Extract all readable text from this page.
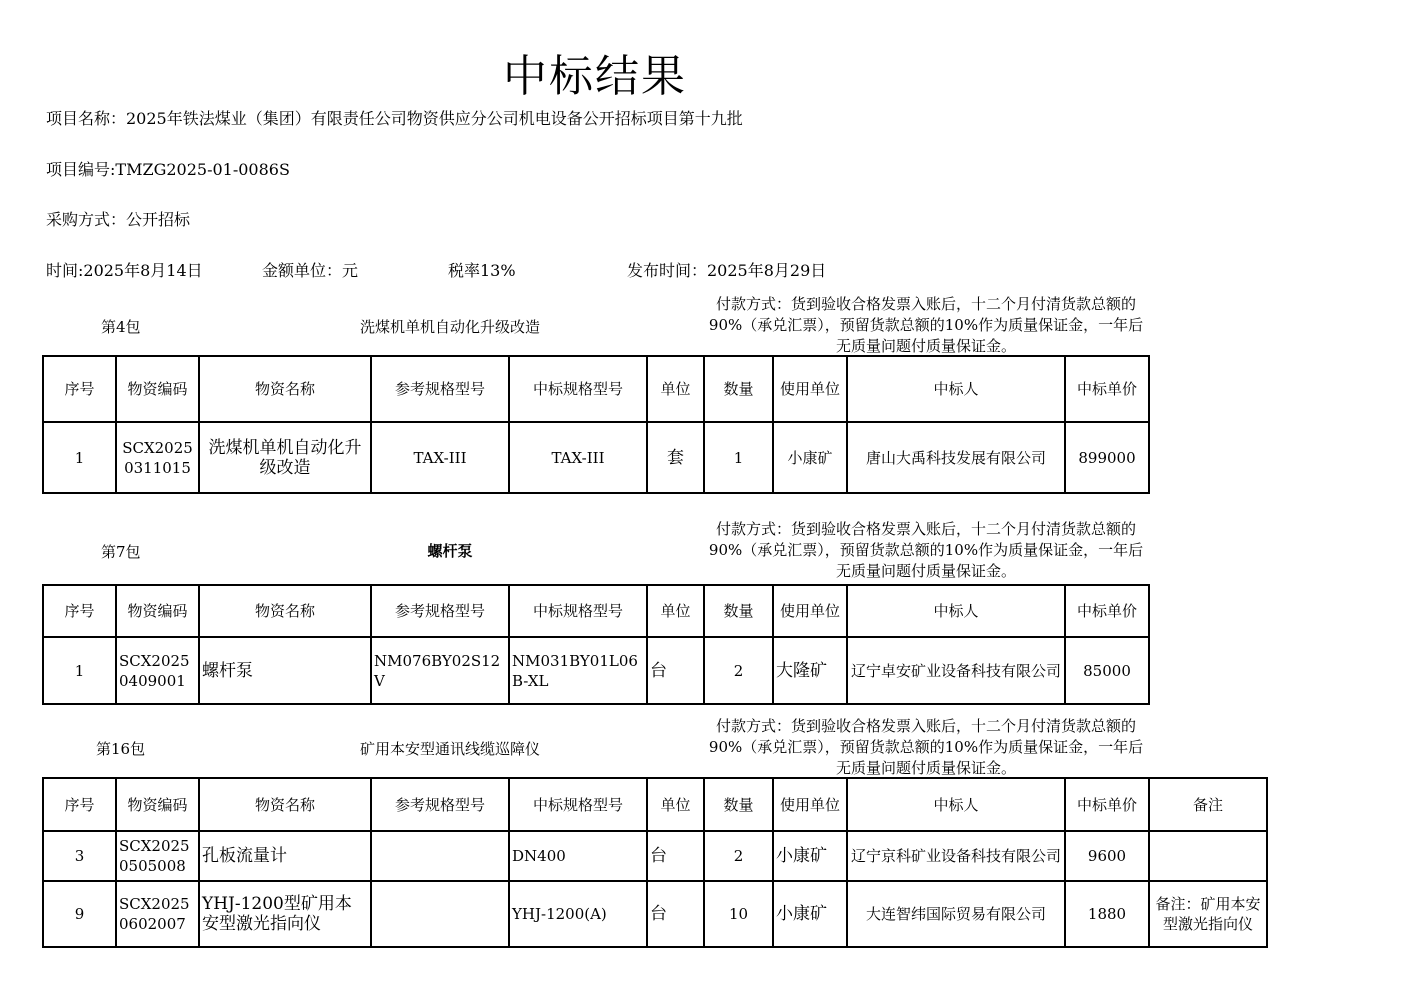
中标结果
项目名称：2025年铁法煤业（集团）有限责任公司物资供应分公司机电设备公开招标项目第十九批
项目编号:TMZG2025-01-0086S
采购方式：公开招标
时间:2025年8月14日	金额单位：元	税率13%	发布时间：2025年8月29日
第4包	洗煤机单机自动化升级改造
付款方式：货到验收合格发票入账后，十二个月付清货款总额的90%（承兑汇票），预留货款总额的10%作为质量保证金，一年后无质量问题付质量保证金。
序号	物资编码	物资名称	参考规格型号	中标规格型号	单位	数量	使用单位	中标人	中标单价
1	SCX20250311015	洗煤机单机自动化升级改造	TAX-III	TAX-III	套	1	小康矿	唐山大禹科技发展有限公司	899000
第7包	螺杆泵
付款方式：货到验收合格发票入账后，十二个月付清货款总额的90%（承兑汇票），预留货款总额的10%作为质量保证金，一年后无质量问题付质量保证金。
序号	物资编码	物资名称	参考规格型号	中标规格型号	单位	数量	使用单位	中标人	中标单价
1	SCX20250409001	螺杆泵	NM076BY02S12V	NM031BY01L06B-XL	台	2	大隆矿	辽宁卓安矿业设备科技有限公司	85000
第16包	矿用本安型通讯线缆巡障仪
付款方式：货到验收合格发票入账后，十二个月付清货款总额的90%（承兑汇票），预留货款总额的10%作为质量保证金，一年后无质量问题付质量保证金。
序号	物资编码	物资名称	参考规格型号	中标规格型号	单位	数量	使用单位	中标人	中标单价	备注
3	SCX20250505008	孔板流量计		DN400	台	2	小康矿	辽宁京科矿业设备科技有限公司	9600	
9	SCX20250602007	YHJ-1200型矿用本安型激光指向仪		YHJ-1200(A)	台	10	小康矿	大连智纬国际贸易有限公司	1880	备注：矿用本安型激光指向仪
